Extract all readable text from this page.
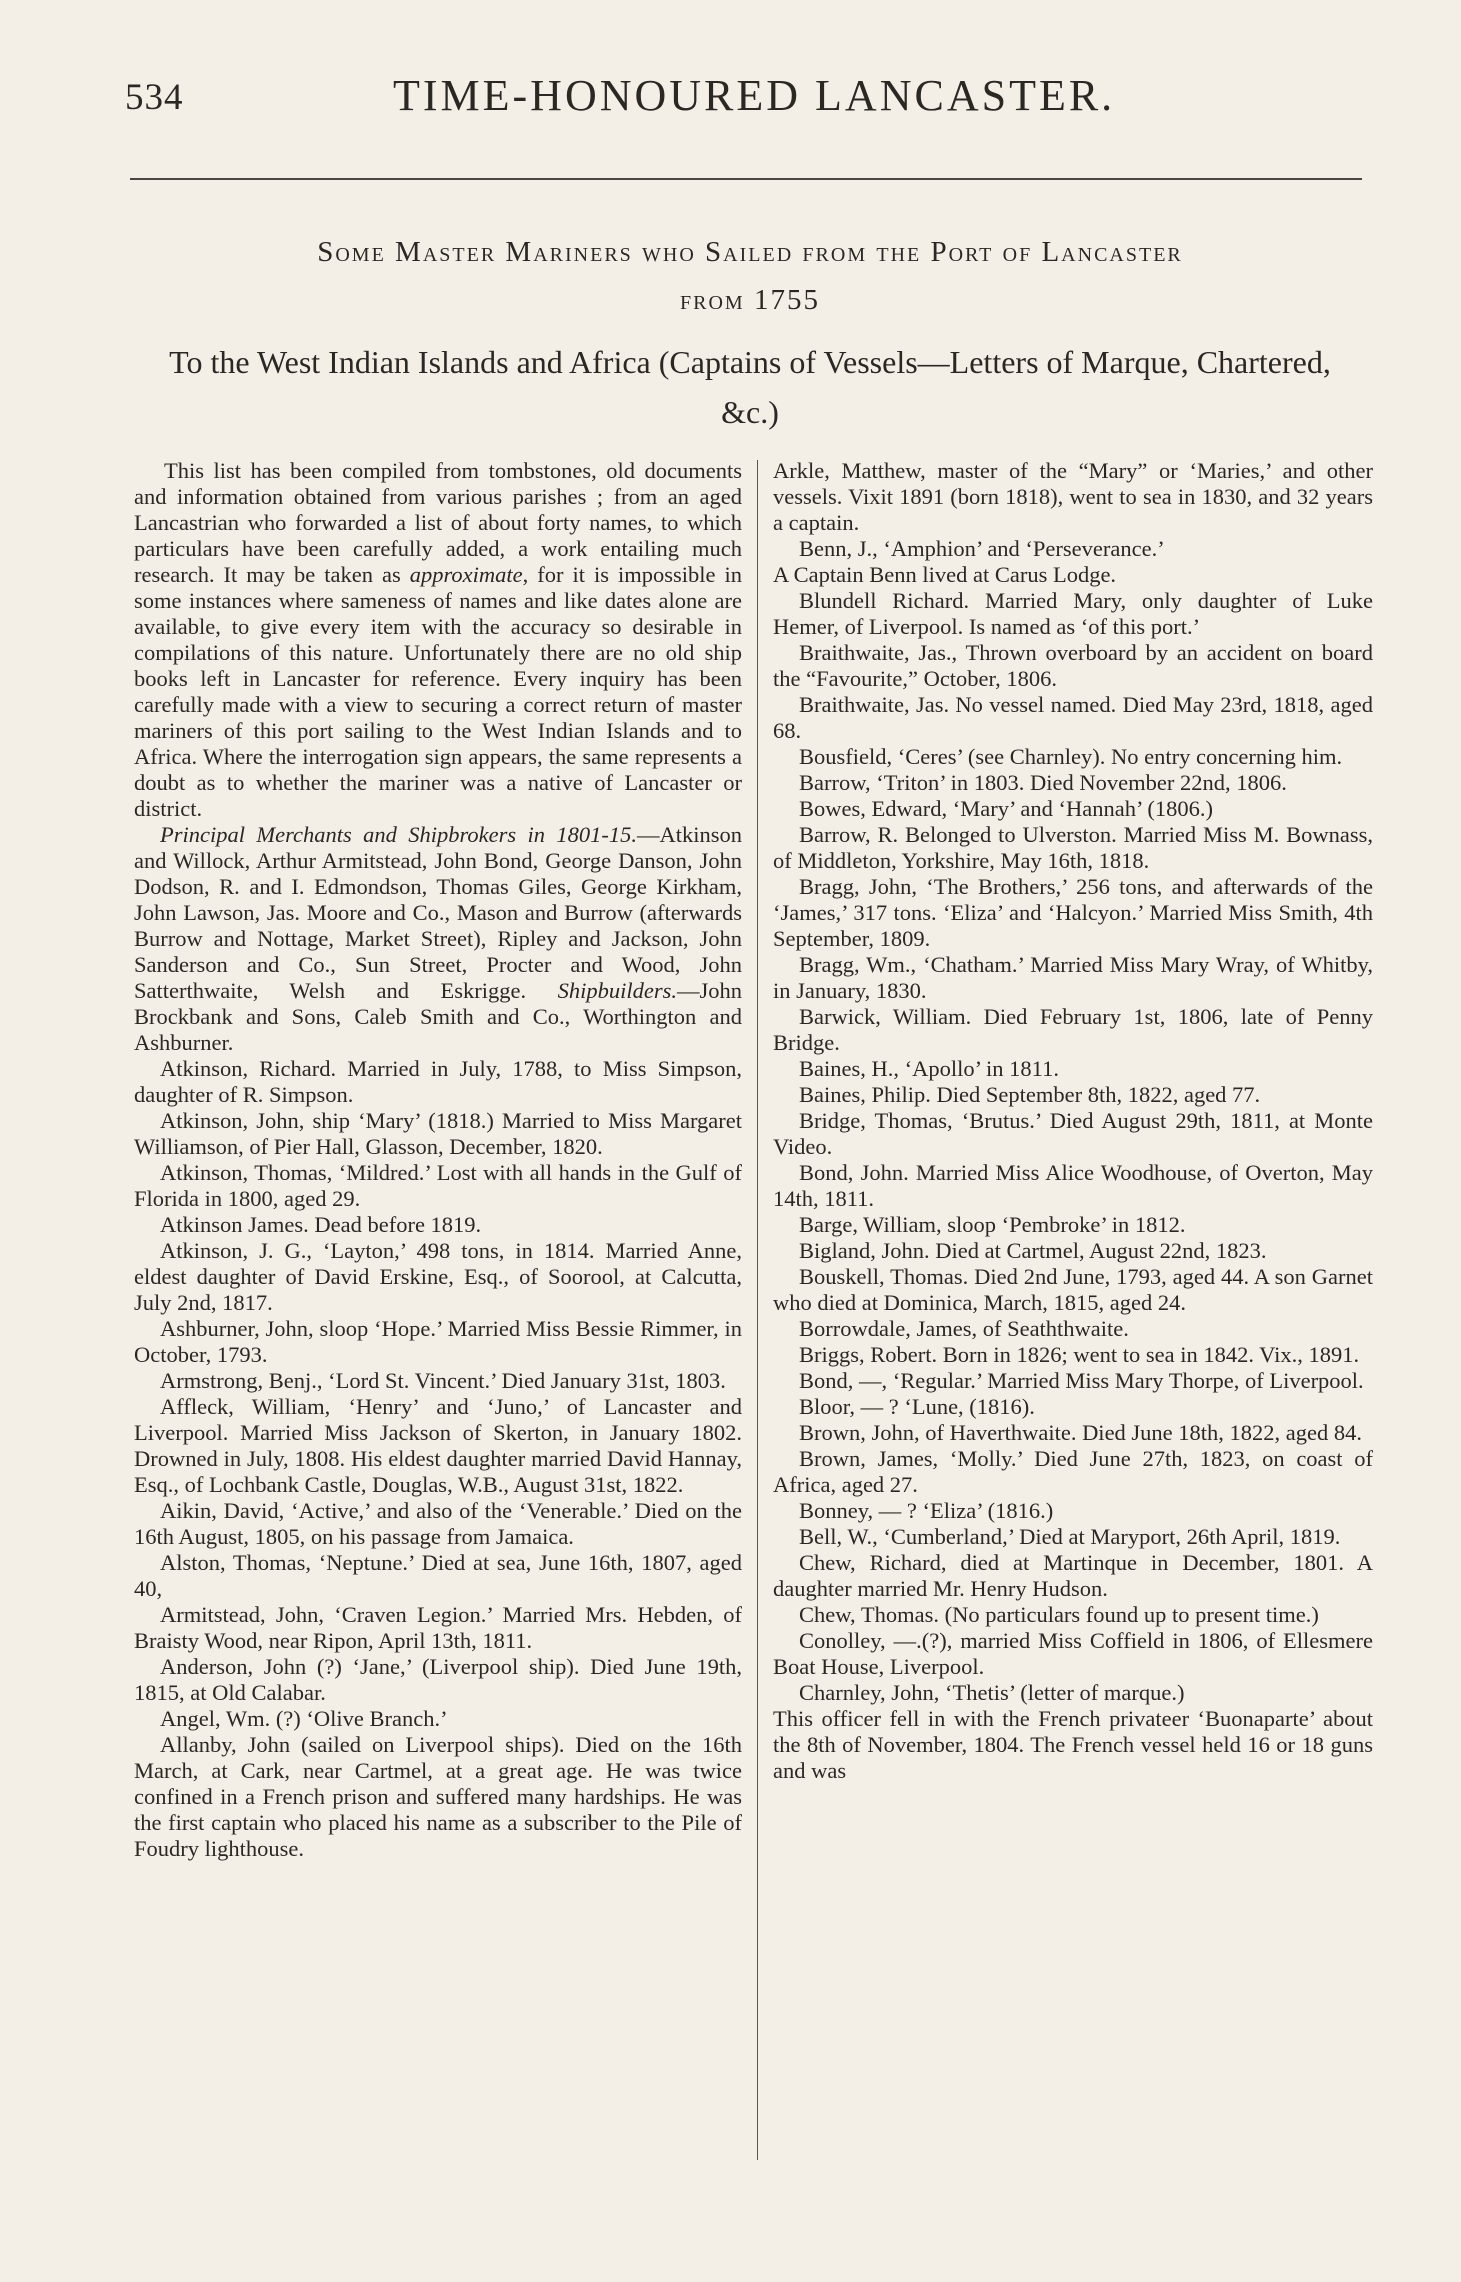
534	TIME-HONOURED LANCASTER.
Some Master Mariners who Sailed from the Port of Lancaster
from 1755
To the West Indian Islands and Africa (Captains of Vessels—Letters of Marque, Chartered, &c.)

This list has been compiled from tombstones, old documents and information obtained from various parishes ; from an aged Lancastrian who forwarded a list of about forty names, to which particulars have been carefully added, a work entailing much research. It may be taken as approximate, for it is impossible in some instances where sameness of names and like dates alone are available, to give every item with the accuracy so desirable in compilations of this nature. Unfortunately there are no old ship books left in Lancaster for reference. Every inquiry has been carefully made with a view to securing a correct return of master mariners of this port sailing to the West Indian Islands and to Africa. Where the interrogation sign appears, the same represents a doubt as to whether the mariner was a native of Lancaster or district.

Principal Merchants and Shipbrokers in 1801-15.—Atkinson and Willock, Arthur Armitstead, John Bond, George Danson, John Dodson, R. and I. Edmondson, Thomas Giles, George Kirkham, John Lawson, Jas. Moore and Co., Mason and Burrow (afterwards Burrow and Nottage, Market Street), Ripley and Jackson, John Sanderson and Co., Sun Street, Procter and Wood, John Satterthwaite, Welsh and Eskrigge. Shipbuilders.—John Brockbank and Sons, Caleb Smith and Co., Worthington and Ashburner.

Atkinson, Richard. Married in July, 1788, to Miss Simpson, daughter of R. Simpson.

Atkinson, John, ship ‘Mary’ (1818.) Married to Miss Margaret Williamson, of Pier Hall, Glasson, December, 1820.

Atkinson, Thomas, ‘Mildred.’ Lost with all hands in the Gulf of Florida in 1800, aged 29.

Atkinson James. Dead before 1819.

Atkinson, J. G., ‘Layton,’ 498 tons, in 1814. Married Anne, eldest daughter of David Erskine, Esq., of Soorool, at Calcutta, July 2nd, 1817.

Ashburner, John, sloop ‘Hope.’ Married Miss Bessie Rimmer, in October, 1793.

Armstrong, Benj., ‘Lord St. Vincent.’ Died January 31st, 1803.

Affleck, William, ‘Henry’ and ‘Juno,’ of Lancaster and Liverpool. Married Miss Jackson of Skerton, in January 1802. Drowned in July, 1808. His eldest daughter married David Hannay, Esq., of Lochbank Castle, Douglas, W.B., August 31st, 1822.

Aikin, David, ‘Active,’ and also of the ‘Venerable.’ Died on the 16th August, 1805, on his passage from Jamaica.

Alston, Thomas, ‘Neptune.’ Died at sea, June 16th, 1807, aged 40,

Armitstead, John, ‘Craven Legion.’ Married Mrs. Hebden, of Braisty Wood, near Ripon, April 13th, 1811.

Anderson, John (?) ‘Jane,’ (Liverpool ship). Died June 19th, 1815, at Old Calabar.

Angel, Wm. (?) ‘Olive Branch.’

Allanby, John (sailed on Liverpool ships). Died on the 16th March, at Cark, near Cartmel, at a great age. He was twice confined in a French prison and suffered many hardships. He was the first captain who placed his name as a subscriber to the Pile of Foudry lighthouse.

Arkle, Matthew, master of the “Mary” or ‘Maries,’ and other vessels. Vixit 1891 (born 1818), went to sea in 1830, and 32 years a captain.

Benn, J., ‘Amphion’ and ‘Perseverance.’

A Captain Benn lived at Carus Lodge.

Blundell Richard. Married Mary, only daughter of Luke Hemer, of Liverpool. Is named as ‘of this port.’

Braithwaite, Jas., Thrown overboard by an accident on board the “Favourite,” October, 1806.

Braithwaite, Jas. No vessel named. Died May 23rd, 1818, aged 68.

Bousfield, ‘Ceres’ (see Charnley). No entry concerning him.

Barrow, ‘Triton’ in 1803. Died November 22nd, 1806.

Bowes, Edward, ‘Mary’ and ‘Hannah’ (1806.)

Barrow, R. Belonged to Ulverston. Married Miss M. Bownass, of Middleton, Yorkshire, May 16th, 1818.

Bragg, John, ‘The Brothers,’ 256 tons, and afterwards of the ‘James,’ 317 tons. ‘Eliza’ and ‘Halcyon.’ Married Miss Smith, 4th September, 1809.

Bragg, Wm., ‘Chatham.’ Married Miss Mary Wray, of Whitby, in January, 1830.

Barwick, William. Died February 1st, 1806, late of Penny Bridge.

Baines, H., ‘Apollo’ in 1811.

Baines, Philip. Died September 8th, 1822, aged 77.

Bridge, Thomas, ‘Brutus.’ Died August 29th, 1811, at Monte Video.

Bond, John. Married Miss Alice Woodhouse, of Overton, May 14th, 1811.

Barge, William, sloop ‘Pembroke’ in 1812.

Bigland, John. Died at Cartmel, August 22nd, 1823.

Bouskell, Thomas. Died 2nd June, 1793, aged 44. A son Garnet who died at Dominica, March, 1815, aged 24.

Borrowdale, James, of Seaththwaite.

Briggs, Robert. Born in 1826; went to sea in 1842. Vix., 1891.

Bond, —, ‘Regular.’ Married Miss Mary Thorpe, of Liverpool.

Bloor, — ? ‘Lune, (1816).

Brown, John, of Haverthwaite. Died June 18th, 1822, aged 84.

Brown, James, ‘Molly.’ Died June 27th, 1823, on coast of Africa, aged 27.

Bonney, — ? ‘Eliza’ (1816.)

Bell, W., ‘Cumberland,’ Died at Maryport, 26th April, 1819.

Chew, Richard, died at Martinque in December, 1801. A daughter married Mr. Henry Hudson.

Chew, Thomas. (No particulars found up to present time.)

Conolley, —.(?), married Miss Coffield in 1806, of Ellesmere Boat House, Liverpool.

Charnley, John, ‘Thetis’ (letter of marque.)

This officer fell in with the French privateer ‘Buonaparte’ about the 8th of November, 1804. The French vessel held 16 or 18 guns and was
